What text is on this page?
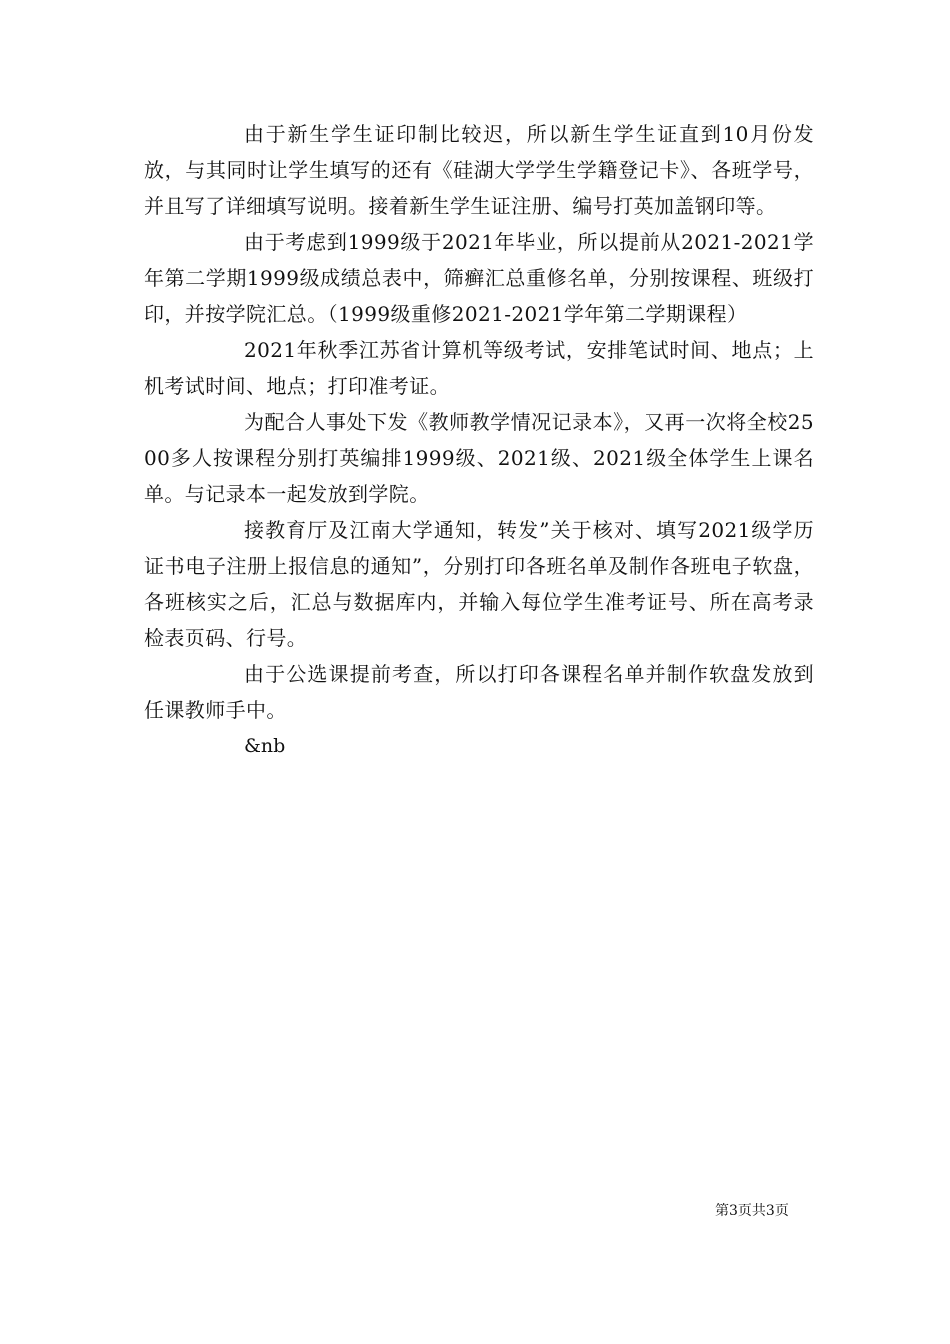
由于新生学生证印制比较迟，所以新生学生证直到10月份发放，与其同时让学生填写的还有《硅湖大学学生学籍登记卡》、各班学号，并且写了详细填写说明。接着新生学生证注册、编号打英加盖钢印等。

由于考虑到1999级于2021年毕业，所以提前从2021-2021学年第二学期1999级成绩总表中，筛癣汇总重修名单，分别按课程、班级打印，并按学院汇总。（1999级重修2021-2021学年第二学期课程）

2021年秋季江苏省计算机等级考试，安排笔试时间、地点；上机考试时间、地点；打印准考证。

为配合人事处下发《教师教学情况记录本》，又再一次将全校2500多人按课程分别打英编排1999级、2021级、2021级全体学生上课名单。与记录本一起发放到学院。

接教育厅及江南大学通知，转发”关于核对、填写2021级学历证书电子注册上报信息的通知”，分别打印各班名单及制作各班电子软盘，各班核实之后，汇总与数据库内，并输入每位学生准考证号、所在高考录检表页码、行号。

由于公选课提前考查，所以打印各课程名单并制作软盘发放到任课教师手中。

&nb

第3页共3页
